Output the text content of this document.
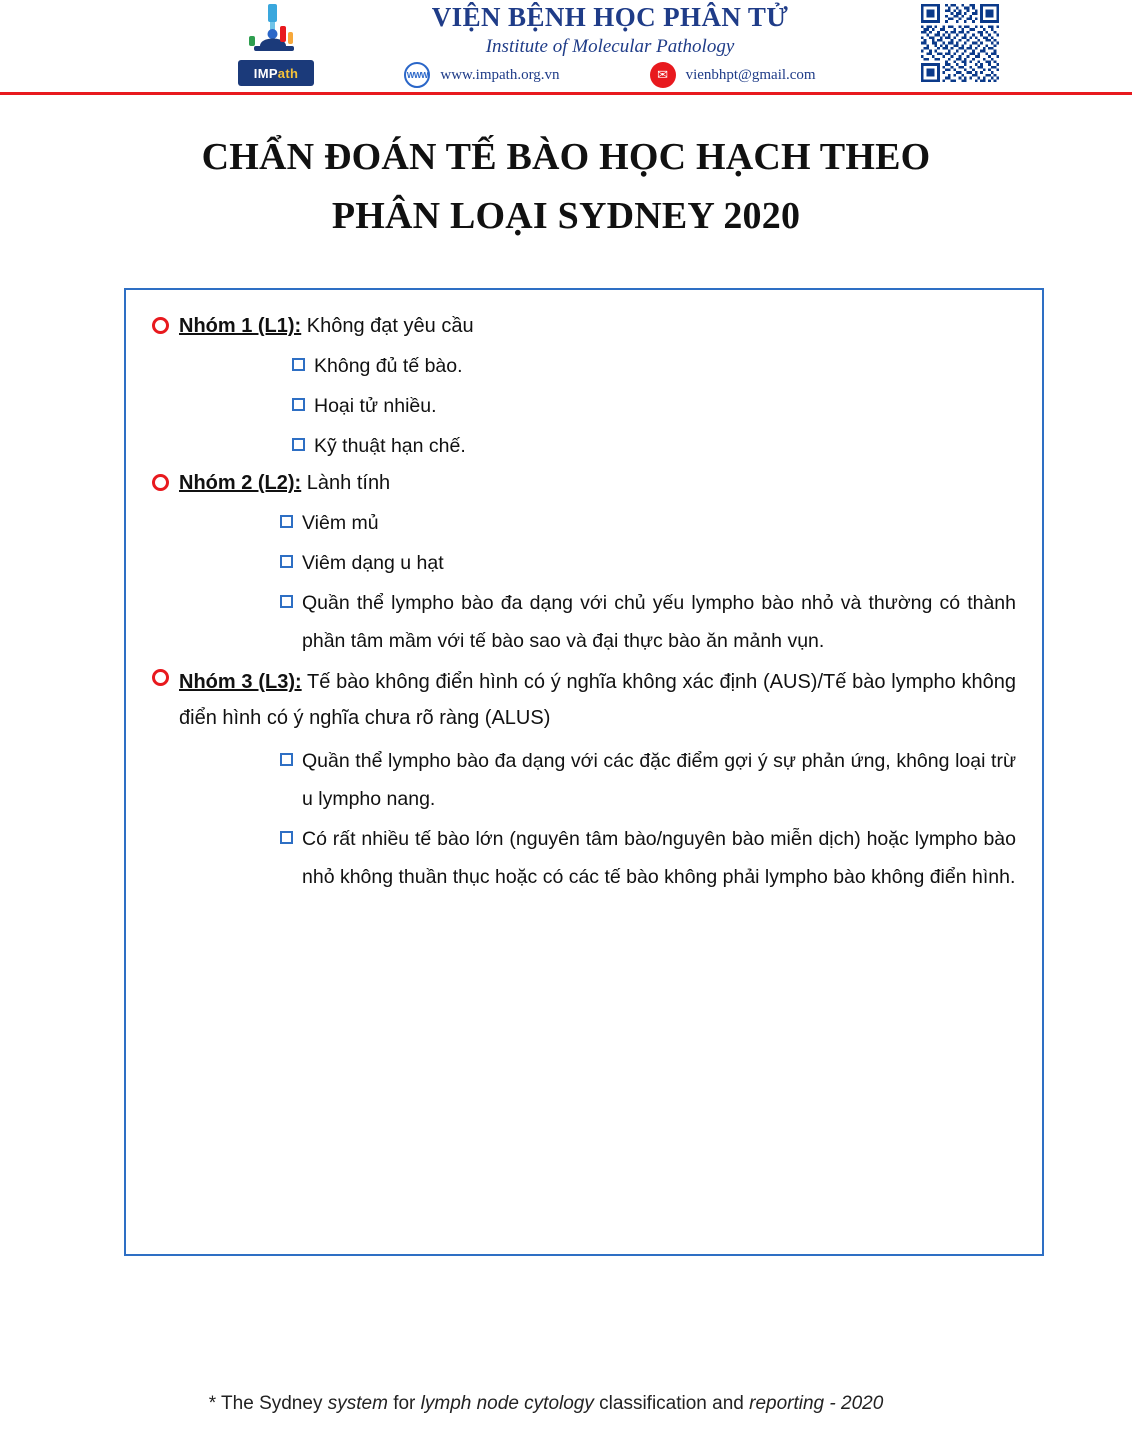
IMP ath
VIỆN BỆNH HỌC PHÂN TỬ
Institute of Molecular Pathology
WWW www.impath.org.vn	✉	vienbhpt@gmail.com
CHẨN ĐOÁN TẾ BÀO HỌC HẠCH THEO
PHÂN LOẠI SYDNEY 2020
Nhóm 1 (L1): Không đạt yêu cầu
Không đủ tế bào.
Hoại tử nhiều.
Kỹ thuật hạn chế.
Nhóm 2 (L2): Lành tính
Viêm mủ
Viêm dạng u hạt
Quần thể lympho bào đa dạng với chủ yếu lympho bào nhỏ và thường có thành phần tâm mầm với tế bào sao và đại thực bào ăn mảnh vụn.
Nhóm 3 (L3): Tế bào không điển hình có ý nghĩa không xác định (AUS)/Tế bào lympho không điển hình có ý nghĩa chưa rõ ràng (ALUS)
Quần thể lympho bào đa dạng với các đặc điểm gợi ý sự phản ứng, không loại trừ u lympho nang.
Có rất nhiều tế bào lớn (nguyên tâm bào/nguyên bào miễn dịch) hoặc lympho bào nhỏ không thuần thục hoặc có các tế bào không phải lympho bào không điển hình.
* The Sydney system for lymph node cytology classification and reporting - 2020
